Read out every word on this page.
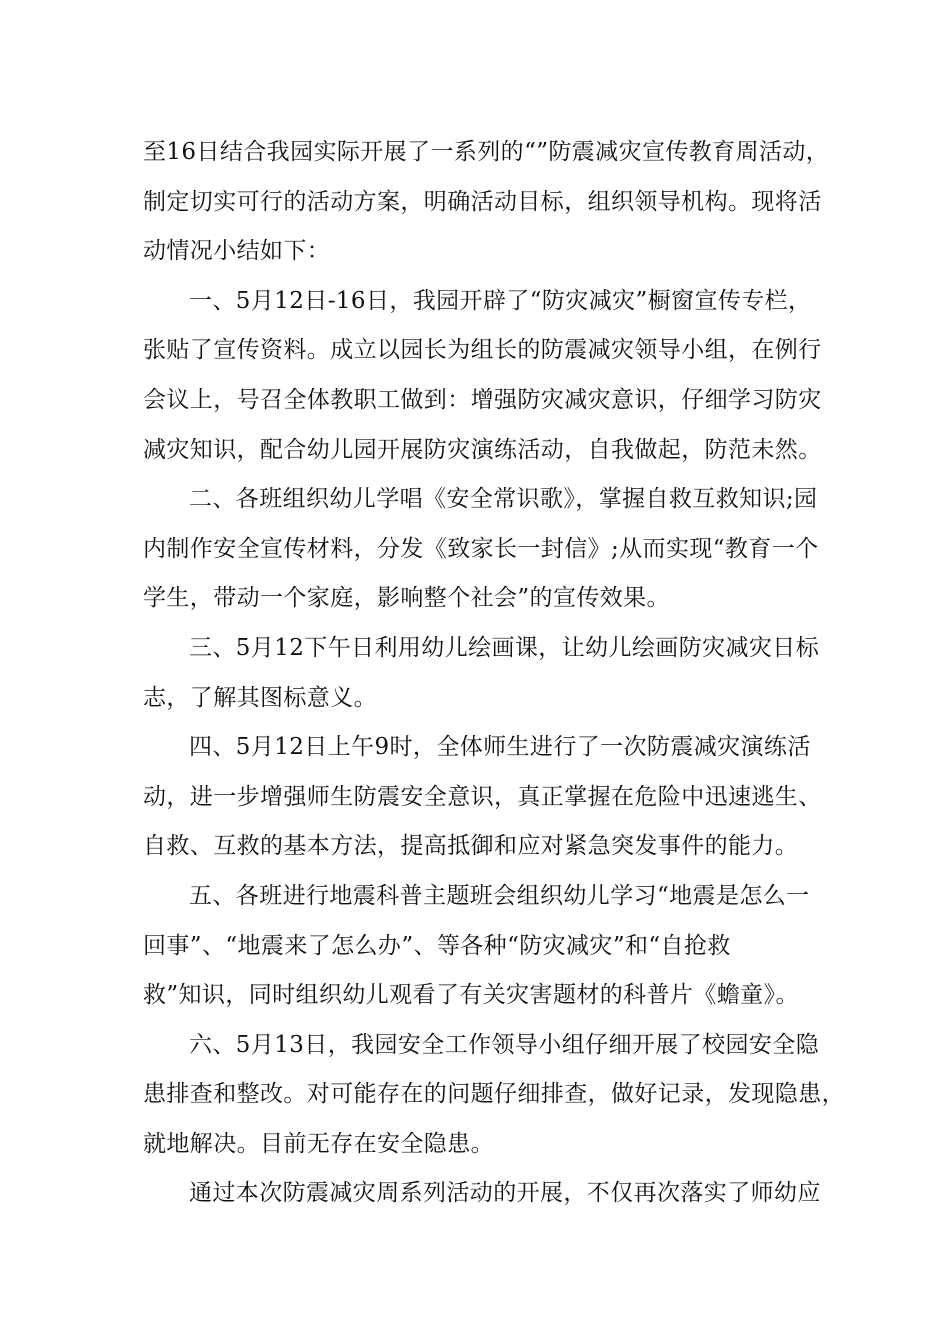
至16日结合我园实际开展了一系列的“”防震减灾宣传教育周活动，
制定切实可行的活动方案，明确活动目标，组织领导机构。现将活
动情况小结如下：

一、5月12日-16日，我园开辟了“防灾减灾”橱窗宣传专栏，
张贴了宣传资料。成立以园长为组长的防震减灾领导小组，在例行
会议上，号召全体教职工做到：增强防灾减灾意识，仔细学习防灾
减灾知识，配合幼儿园开展防灾演练活动，自我做起，防范未然。

二、各班组织幼儿学唱《安全常识歌》，掌握自救互救知识;园
内制作安全宣传材料，分发《致家长一封信》;从而实现“教育一个
学生，带动一个家庭，影响整个社会”的宣传效果。

三、5月12下午日利用幼儿绘画课，让幼儿绘画防灾减灾日标
志，了解其图标意义。

四、5月12日上午9时，全体师生进行了一次防震减灾演练活
动，进一步增强师生防震安全意识，真正掌握在危险中迅速逃生、
自救、互救的基本方法，提高抵御和应对紧急突发事件的能力。

五、各班进行地震科普主题班会组织幼儿学习“地震是怎么一
回事”、“地震来了怎么办”、等各种“防灾减灾”和“自抢救
救”知识，同时组织幼儿观看了有关灾害题材的科普片《蟾童》。

六、5月13日，我园安全工作领导小组仔细开展了校园安全隐
患排查和整改。对可能存在的问题仔细排查，做好记录，发现隐患，
就地解决。目前无存在安全隐患。

通过本次防震减灾周系列活动的开展，不仅再次落实了师幼应
